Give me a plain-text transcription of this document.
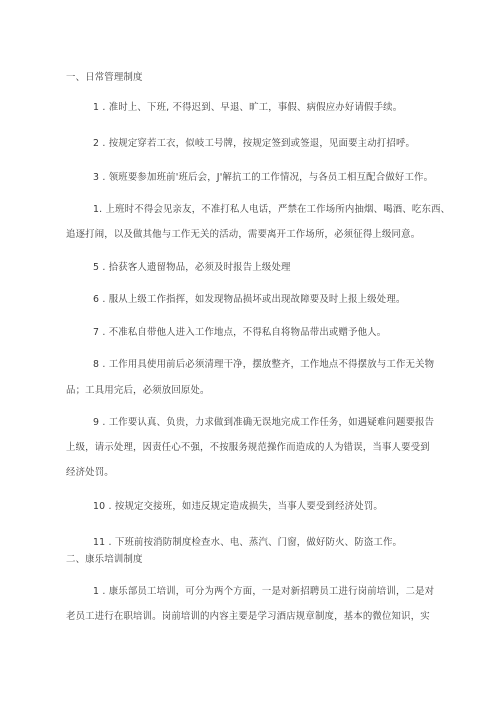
一、日常管理制度
1 . 准时上、下班, 不得迟到、早退、旷工，事假、病假应办好请假手续。
2 . 按规定穿若工衣，似岐工号牌，按规定签到或签退，见面要主动打招呼。
3 . 领班要参加班前'班后会，J'解抗工的工作情况，与各员工相互配合做好工作。
1. 上班时不得会见亲友，不准打私人电话，严禁在工作场所内抽烟、喝酒、吃东西、
追逐打闹，以及做其他与工作无关的活动，需要离开工作场所，必须征得上级同意。
5 . 拾获客人遗留物品，必须及时报告上级处理
6 . 服从上级工作指挥，如发现物品损坏或出现故障要及时上报上级处理。
7 . 不准私自带他人进入工作地点，不得私自将物品带出或赠予他人。
8 . 工作用具使用前后必须清理干净，摆放整齐，工作地点不得摆放与工作无关物
品；工具用完后，必须放回原处。
9 . 工作要认真、负贵，力求做到准确无误地完成工作任务，如遇疑难问题要报告
上级，请示处理，因责任心不强，不按服务规范操作而造成的人为错误，当事人要受到
经济处罚。
10 . 按规定交接班，如违反规定造成损失，当事人要受到经济处罚。
11 . 下班前按消防制度检查水、电、蒸汽、门窗，做好防火、防盗工作。
二、康乐培训制度
1 . 康乐部员工培训，可分为两个方面，一是对新招聘员工进行岗前培训，二是对
老员工进行在职培训。岗前培训的内容主要是学习酒店规章制度，基本的微位知识，实
